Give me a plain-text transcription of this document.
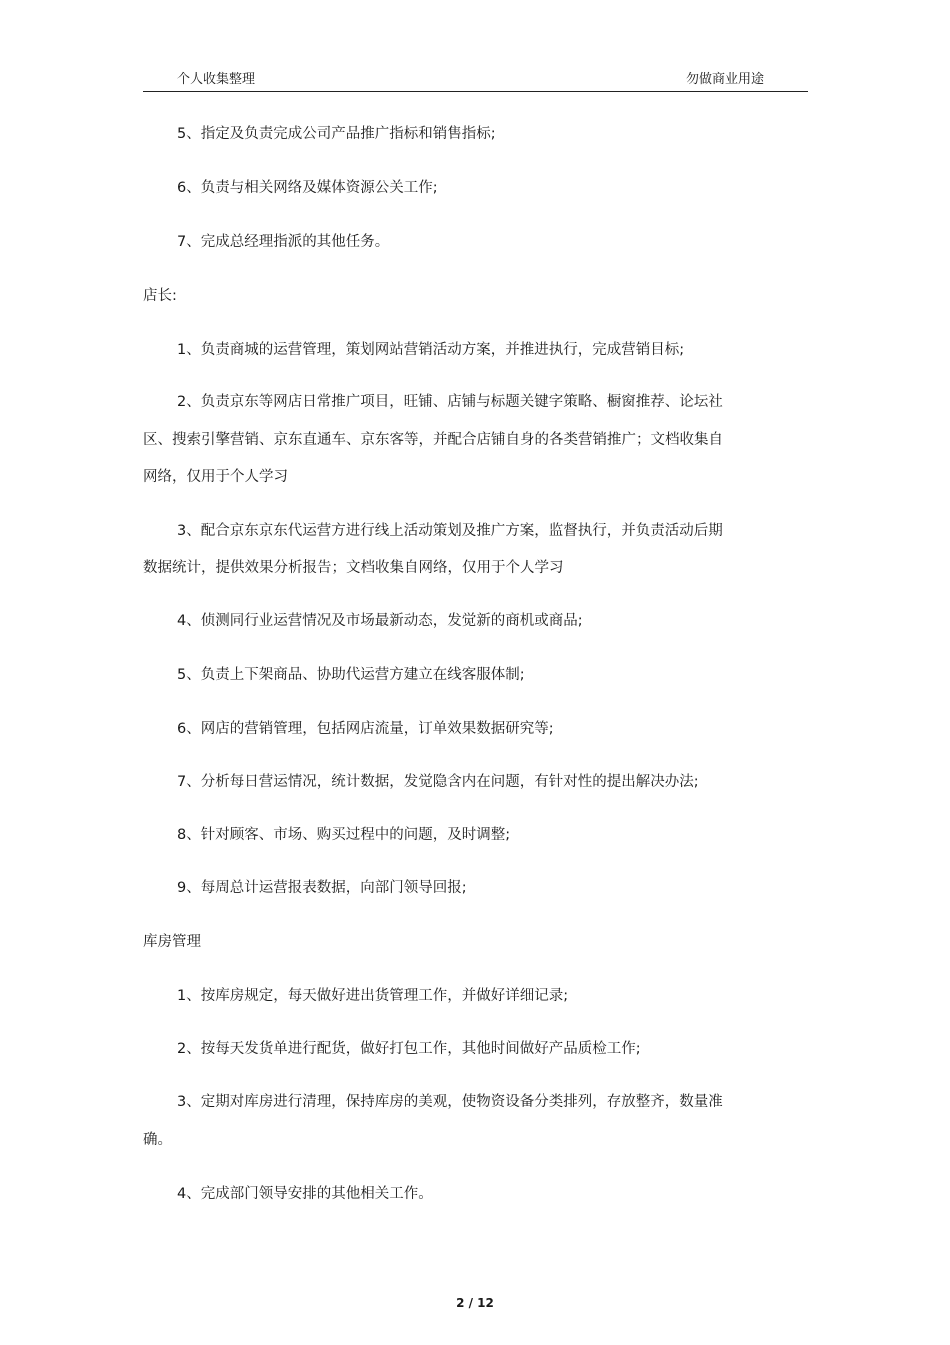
个人收集整理	勿做商业用途
5、指定及负责完成公司产品推广指标和销售指标;
6、负责与相关网络及媒体资源公关工作;
7、完成总经理指派的其他任务。
店长:
1、负责商城的运营管理，策划网站营销活动方案，并推进执行，完成营销目标;
2、负责京东等网店日常推广项目，旺铺、店铺与标题关键字策略、橱窗推荐、论坛社
区、搜索引擎营销、京东直通车、京东客等，并配合店铺自身的各类营销推广；文档收集自
网络，仅用于个人学习
3、配合京东京东代运营方进行线上活动策划及推广方案，监督执行，并负责活动后期
数据统计，提供效果分析报告；文档收集自网络，仅用于个人学习
4、侦测同行业运营情况及市场最新动态，发觉新的商机或商品;
5、负责上下架商品、协助代运营方建立在线客服体制;
6、网店的营销管理，包括网店流量，订单效果数据研究等;
7、分析每日营运情况，统计数据，发觉隐含内在问题，有针对性的提出解决办法;
8、针对顾客、市场、购买过程中的问题，及时调整;
9、每周总计运营报表数据，向部门领导回报;
库房管理
1、按库房规定，每天做好进出货管理工作，并做好详细记录;
2、按每天发货单进行配货，做好打包工作，其他时间做好产品质检工作;
3、定期对库房进行清理，保持库房的美观，使物资设备分类排列，存放整齐，数量准
确。
4、完成部门领导安排的其他相关工作。
2 / 12
